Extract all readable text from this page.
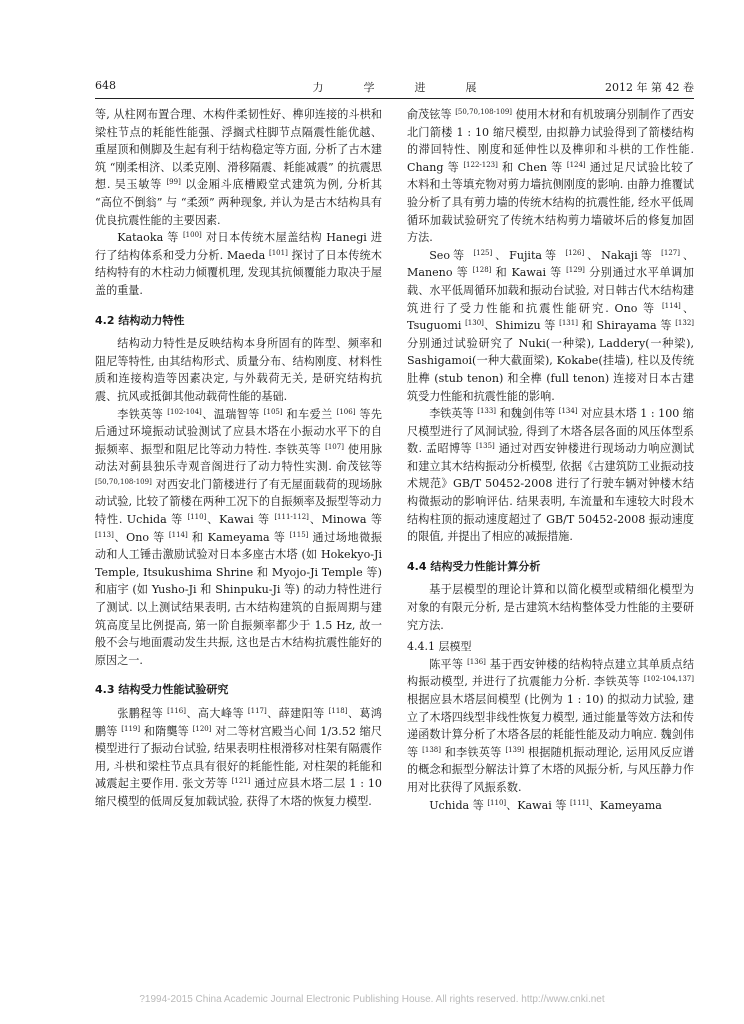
648	力学进展	2012 年 第 42 卷

等, 从柱网布置合理、木构件柔韧性好、榫卯连接的斗栱和梁柱节点的耗能性能强、浮搁式柱脚节点隔震性能优越、重屋顶和侧脚及生起有利于结构稳定等方面, 分析了古木建筑 “刚柔相济、以柔克刚、滑移隔震、耗能减震” 的抗震思想. 吴玉敏等 [99] 以金厢斗底槽殿堂式建筑为例, 分析其 “高位不倒翁” 与 “柔颈” 两种现象, 并认为是古木结构具有优良抗震性能的主要因素.

Kataoka 等 [100] 对日本传统木屋盖结构 Hanegi 进行了结构体系和受力分析. Maeda [101] 探讨了日本传统木结构特有的木柱动力倾覆机理, 发现其抗倾覆能力取决于屋盖的重量.

4.2 结构动力特性

结构动力特性是反映结构本身所固有的阵型、频率和阻尼等特性, 由其结构形式、质量分布、结构刚度、材料性质和连接构造等因素决定, 与外载荷无关, 是研究结构抗震、抗风或抵御其他动载荷性能的基础.

李铁英等 [102-104]、温瑞智等 [105] 和车爱兰 [106] 等先后通过环境振动试验测试了应县木塔在小振动水平下的自振频率、振型和阻尼比等动力特性. 李铁英等 [107] 使用脉动法对蓟县独乐寺观音阁进行了动力特性实测. 俞茂铉等 [50,70,108-109] 对西安北门箭楼进行了有无屋面载荷的现场脉动试验, 比较了箭楼在两种工况下的自振频率及振型等动力特性. Uchida 等 [110]、Kawai 等 [111-112]、Minowa 等 [113]、Ono 等 [114] 和 Kameyama 等 [115] 通过场地微振动和人工锤击激励试验对日本多座古木塔 (如 Hokekyo-Ji Temple, Itsukushima Shrine 和 Myojo-Ji Temple 等) 和庙宇 (如 Yusho-Ji 和 Shinpuku-Ji 等) 的动力特性进行了测试. 以上测试结果表明, 古木结构建筑的自振周期与建筑高度呈比例提高, 第一阶自振频率都少于 1.5 Hz, 故一般不会与地面震动发生共振, 这也是古木结构抗震性能好的原因之一.

4.3 结构受力性能试验研究

张鹏程等 [116]、高大峰等 [117]、薛建阳等 [118]、葛鸿鹏等 [119] 和隋龑等 [120] 对二等材宫殿当心间 1/3.52 缩尺模型进行了振动台试验, 结果表明柱根滑移对柱架有隔震作用, 斗栱和梁柱节点具有很好的耗能性能, 对柱架的耗能和减震起主要作用. 张文芳等 [121] 通过应县木塔二层 1 : 10 缩尺模型的低周反复加载试验, 获得了木塔的恢复力模型.

俞茂铉等 [50,70,108-109] 使用木材和有机玻璃分别制作了西安北门箭楼 1 : 10 缩尺模型, 由拟静力试验得到了箭楼结构的滞回特性、刚度和延伸性以及榫卯和斗栱的工作性能. Chang 等 [122-123] 和 Chen 等 [124] 通过足尺试验比较了木料和土等填充物对剪力墙抗侧刚度的影响. 由静力推覆试验分析了具有剪力墙的传统木结构的抗震性能, 经水平低周循环加载试验研究了传统木结构剪力墙破坏后的修复加固方法.

Seo等 [125]、Fujita等 [126]、Nakaji等 [127]、Maneno 等 [128] 和 Kawai 等 [129] 分别通过水平单调加载、水平低周循环加载和振动台试验, 对日韩古代木结构建筑进行了受力性能和抗震性能研究. Ono 等 [114]、Tsuguomi [130]、Shimizu 等 [131] 和 Shirayama 等 [132] 分别通过试验研究了 Nuki(一种梁), Laddery(一种梁), Sashigamoi(一种大截面梁), Kokabe(挂墙), 柱以及传统肚榫 (stub tenon) 和全榫 (full tenon) 连接对日本古建筑受力性能和抗震性能的影响.

李铁英等 [133] 和魏剑伟等 [134] 对应县木塔 1 : 100 缩尺模型进行了风洞试验, 得到了木塔各层各面的风压体型系数. 孟昭博等 [135] 通过对西安钟楼进行现场动力响应测试和建立其木结构振动分析模型, 依据《古建筑防工业振动技术规范》GB/T 50452-2008 进行了行驶车辆对钟楼木结构微振动的影响评估. 结果表明, 车流量和车速较大时段木结构柱顶的振动速度超过了 GB/T 50452-2008 振动速度的限值, 并提出了相应的减振措施.

4.4 结构受力性能计算分析

基于层模型的理论计算和以简化模型或精细化模型为对象的有限元分析, 是古建筑木结构整体受力性能的主要研究方法.

4.4.1 层模型

陈平等 [136] 基于西安钟楼的结构特点建立其单质点结构振动模型, 并进行了抗震能力分析. 李铁英等 [102-104,137] 根据应县木塔层间模型 (比例为 1 : 10) 的拟动力试验, 建立了木塔四线型非线性恢复力模型, 通过能量等效方法和传递函数计算分析了木塔各层的耗能性能及动力响应. 魏剑伟等 [138] 和李铁英等 [139] 根据随机振动理论, 运用风反应谱的概念和振型分解法计算了木塔的风振分析, 与风压静力作用对比获得了风振系数.

Uchida 等 [110]、Kawai 等 [111]、Kameyama

?1994-2015 China Academic Journal Electronic Publishing House. All rights reserved. http://www.cnki.net
